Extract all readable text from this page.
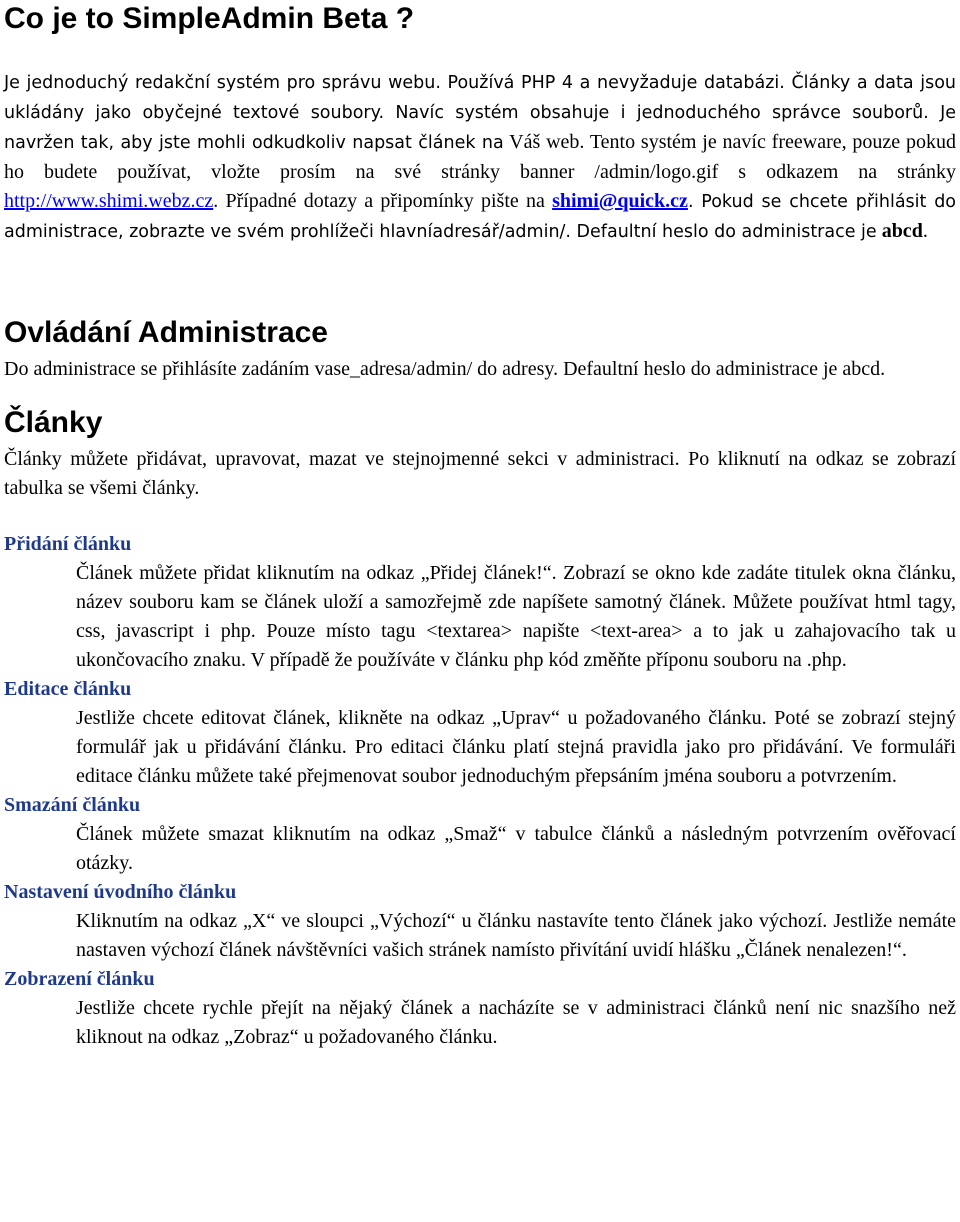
Co je to SimpleAdmin Beta ?

Je jednoduchý redakční systém pro správu webu. Používá PHP 4 a nevyžaduje databázi. Články a data jsou ukládány jako obyčejné textové soubory. Navíc systém obsahuje i jednoduchého správce souborů. Je navržen tak, aby jste mohli odkudkoliv napsat článek na Váš web. Tento systém je navíc freeware, pouze pokud ho budete používat, vložte prosím na své stránky banner /admin/logo.gif s odkazem na stránky http://www.shimi.webz.cz. Případné dotazy a připomínky pište na shimi@quick.cz. Pokud se chcete přihlásit do administrace, zobrazte ve svém prohlížeči hlavníadresář/admin/. Defaultní heslo do administrace je abcd.

Ovládání Administrace

Do administrace se přihlásíte zadáním vase_adresa/admin/ do adresy. Defaultní heslo do administrace je abcd.

Články

Články můžete přidávat, upravovat, mazat ve stejnojmenné sekci v administraci. Po kliknutí na odkaz se zobrazí tabulka se všemi články.

Přidání článku

Článek můžete přidat kliknutím na odkaz „Přidej článek!“. Zobrazí se okno kde zadáte titulek okna článku, název souboru kam se článek uloží a samozřejmě zde napíšete samotný článek. Můžete používat html tagy, css, javascript i php. Pouze místo tagu <textarea> napište <text-area> a to jak u zahajovacího tak u ukončovacího znaku. V případě že používáte v článku php kód změňte příponu souboru na .php.

Editace článku

Jestliže chcete editovat článek, klikněte na odkaz „Uprav“ u požadovaného článku. Poté se zobrazí stejný formulář jak u přidávání článku. Pro editaci článku platí stejná pravidla jako pro přidávání. Ve formuláři editace článku můžete také přejmenovat soubor jednoduchým přepsáním jména souboru a potvrzením.

Smazání článku

Článek můžete smazat kliknutím na odkaz „Smaž“ v tabulce článků a následným potvrzením ověřovací otázky.

Nastavení úvodního článku

Kliknutím na odkaz „X“ ve sloupci „Výchozí“ u článku nastavíte tento článek jako výchozí. Jestliže nemáte nastaven výchozí článek návštěvníci vašich stránek namísto přivítání uvidí hlášku „Článek nenalezen!“.

Zobrazení článku

Jestliže chcete rychle přejít na nějaký článek a nacházíte se v administraci článků není nic snazšího než kliknout na odkaz „Zobraz“ u požadovaného článku.
